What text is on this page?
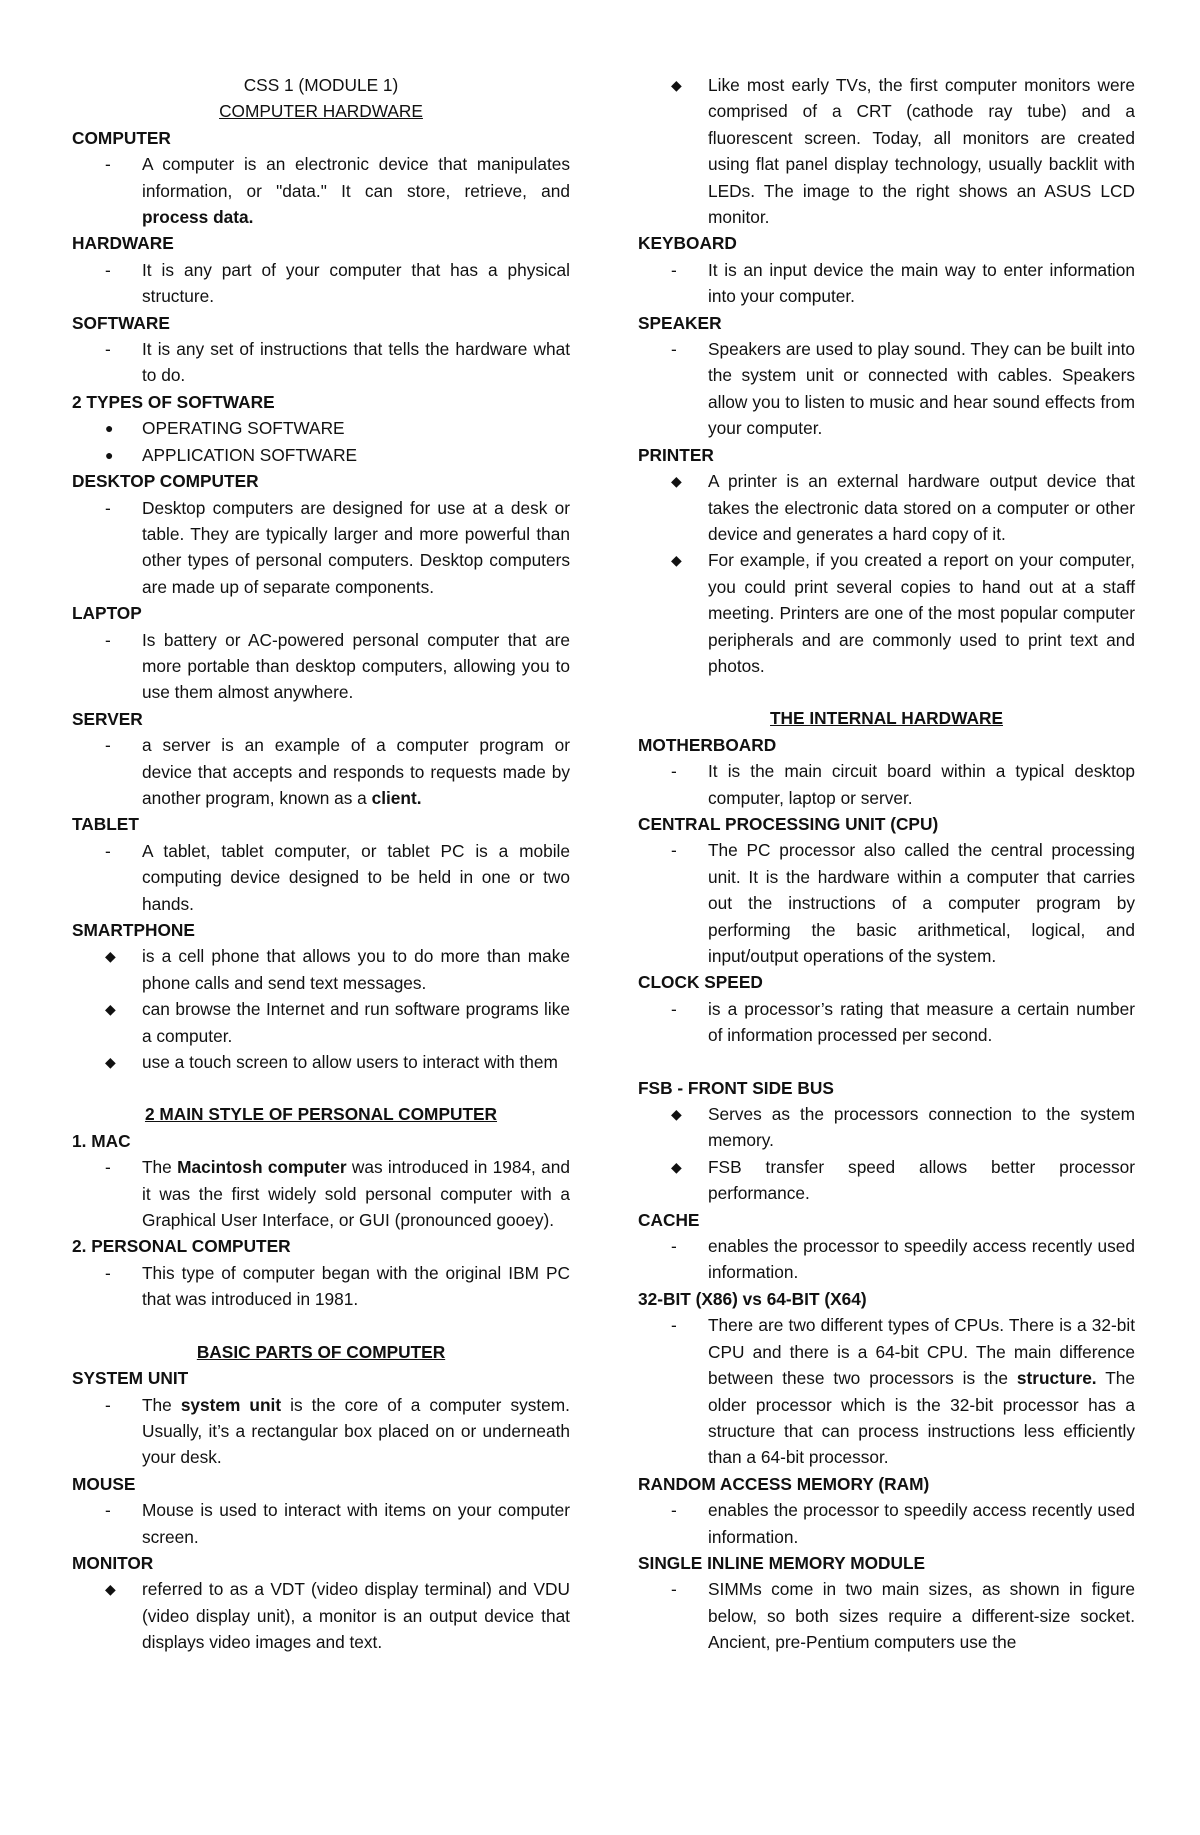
CSS 1 (MODULE 1)
COMPUTER HARDWARE
COMPUTER
-	A computer is an electronic device that manipulates information, or "data." It can store, retrieve, and process data.
HARDWARE
-	It is any part of your computer that has a physical structure.
SOFTWARE
-	It is any set of instructions that tells the hardware what to do.
2 TYPES OF SOFTWARE
●	OPERATING SOFTWARE
●	APPLICATION SOFTWARE
DESKTOP COMPUTER
-	Desktop computers are designed for use at a desk or table. They are typically larger and more powerful than other types of personal computers. Desktop computers are made up of separate components.
LAPTOP
-	Is battery or AC-powered personal computer that are more portable than desktop computers, allowing you to use them almost anywhere.
SERVER
-	a server is an example of a computer program or device that accepts and responds to requests made by another program, known as a client.
TABLET
-	A tablet, tablet computer, or tablet PC is a mobile computing device designed to be held in one or two hands.
SMARTPHONE
◆	is a cell phone that allows you to do more than make phone calls and send text messages.
◆	can browse the Internet and run software programs like a computer.
◆	use a touch screen to allow users to interact with them
2 MAIN STYLE OF PERSONAL COMPUTER
1. MAC
-	The Macintosh computer was introduced in 1984, and it was the first widely sold personal computer with a Graphical User Interface, or GUI (pronounced gooey).
2. PERSONAL COMPUTER
-	This type of computer began with the original IBM PC that was introduced in 1981.
BASIC PARTS OF COMPUTER
SYSTEM UNIT
-	The system unit is the core of a computer system. Usually, it’s a rectangular box placed on or underneath your desk.
MOUSE
-	Mouse is used to interact with items on your computer screen.
MONITOR
◆	referred to as a VDT (video display terminal) and VDU (video display unit), a monitor is an output device that displays video images and text.
◆	Like most early TVs, the first computer monitors were comprised of a CRT (cathode ray tube) and a fluorescent screen. Today, all monitors are created using flat panel display technology, usually backlit with LEDs. The image to the right shows an ASUS LCD monitor.
KEYBOARD
-	It is an input device the main way to enter information into your computer.
SPEAKER
-	Speakers are used to play sound. They can be built into the system unit or connected with cables. Speakers allow you to listen to music and hear sound effects from your computer.
PRINTER
◆	A printer is an external hardware output device that takes the electronic data stored on a computer or other device and generates a hard copy of it.
◆	For example, if you created a report on your computer, you could print several copies to hand out at a staff meeting. Printers are one of the most popular computer peripherals and are commonly used to print text and photos.
THE INTERNAL HARDWARE
MOTHERBOARD
-	It is the main circuit board within a typical desktop computer, laptop or server.
CENTRAL PROCESSING UNIT (CPU)
-	The PC processor also called the central processing unit. It is the hardware within a computer that carries out the instructions of a computer program by performing the basic arithmetical, logical, and input/output operations of the system.
CLOCK SPEED
-	is a processor’s rating that measure a certain number of information processed per second.
FSB - FRONT SIDE BUS
◆	Serves as the processors connection to the system memory.
◆	FSB transfer speed allows better processor performance.
CACHE
-	enables the processor to speedily access recently used information.
32-BIT (X86) vs 64-BIT (X64)
-	There are two different types of CPUs. There is a 32-bit CPU and there is a 64-bit CPU. The main difference between these two processors is the structure. The older processor which is the 32-bit processor has a structure that can process instructions less efficiently than a 64-bit processor.
RANDOM ACCESS MEMORY (RAM)
-	enables the processor to speedily access recently used information.
SINGLE INLINE MEMORY MODULE
-	SIMMs come in two main sizes, as shown in figure below, so both sizes require a different-size socket. Ancient, pre-Pentium computers use the
